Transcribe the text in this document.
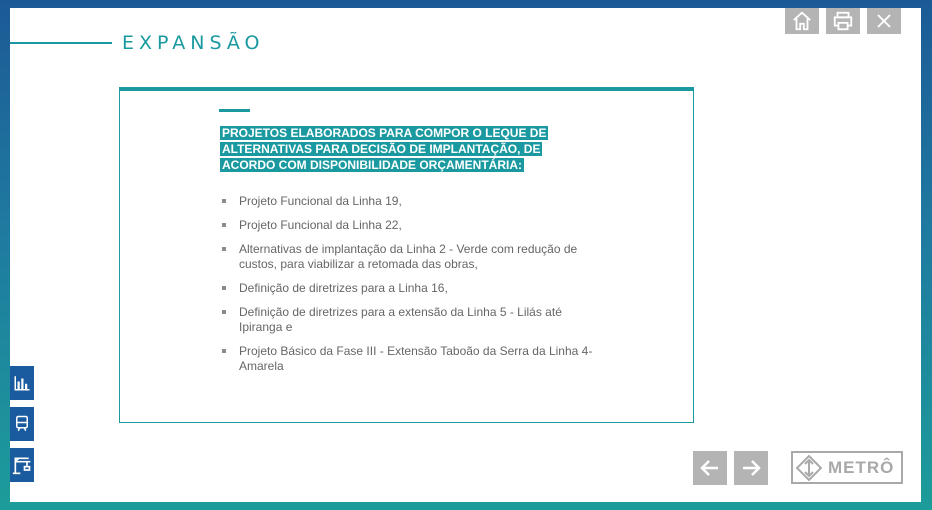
EXPANSÃO
PROJETOS ELABORADOS PARA COMPOR O LEQUE DE ALTERNATIVAS PARA DECISÃO DE IMPLANTAÇÃO, DE ACORDO COM DISPONIBILIDADE ORÇAMENTÁRIA:
Projeto Funcional da Linha 19,
Projeto Funcional da Linha 22,
Alternativas de implantação da Linha 2 - Verde com redução de custos, para viabilizar a retomada das obras,
Definição de diretrizes para a Linha 16,
Definição de diretrizes para a extensão da Linha 5 - Lilás até Ipiranga e
Projeto Básico da Fase III - Extensão Taboão da Serra da Linha 4-Amarela
METRÔ
